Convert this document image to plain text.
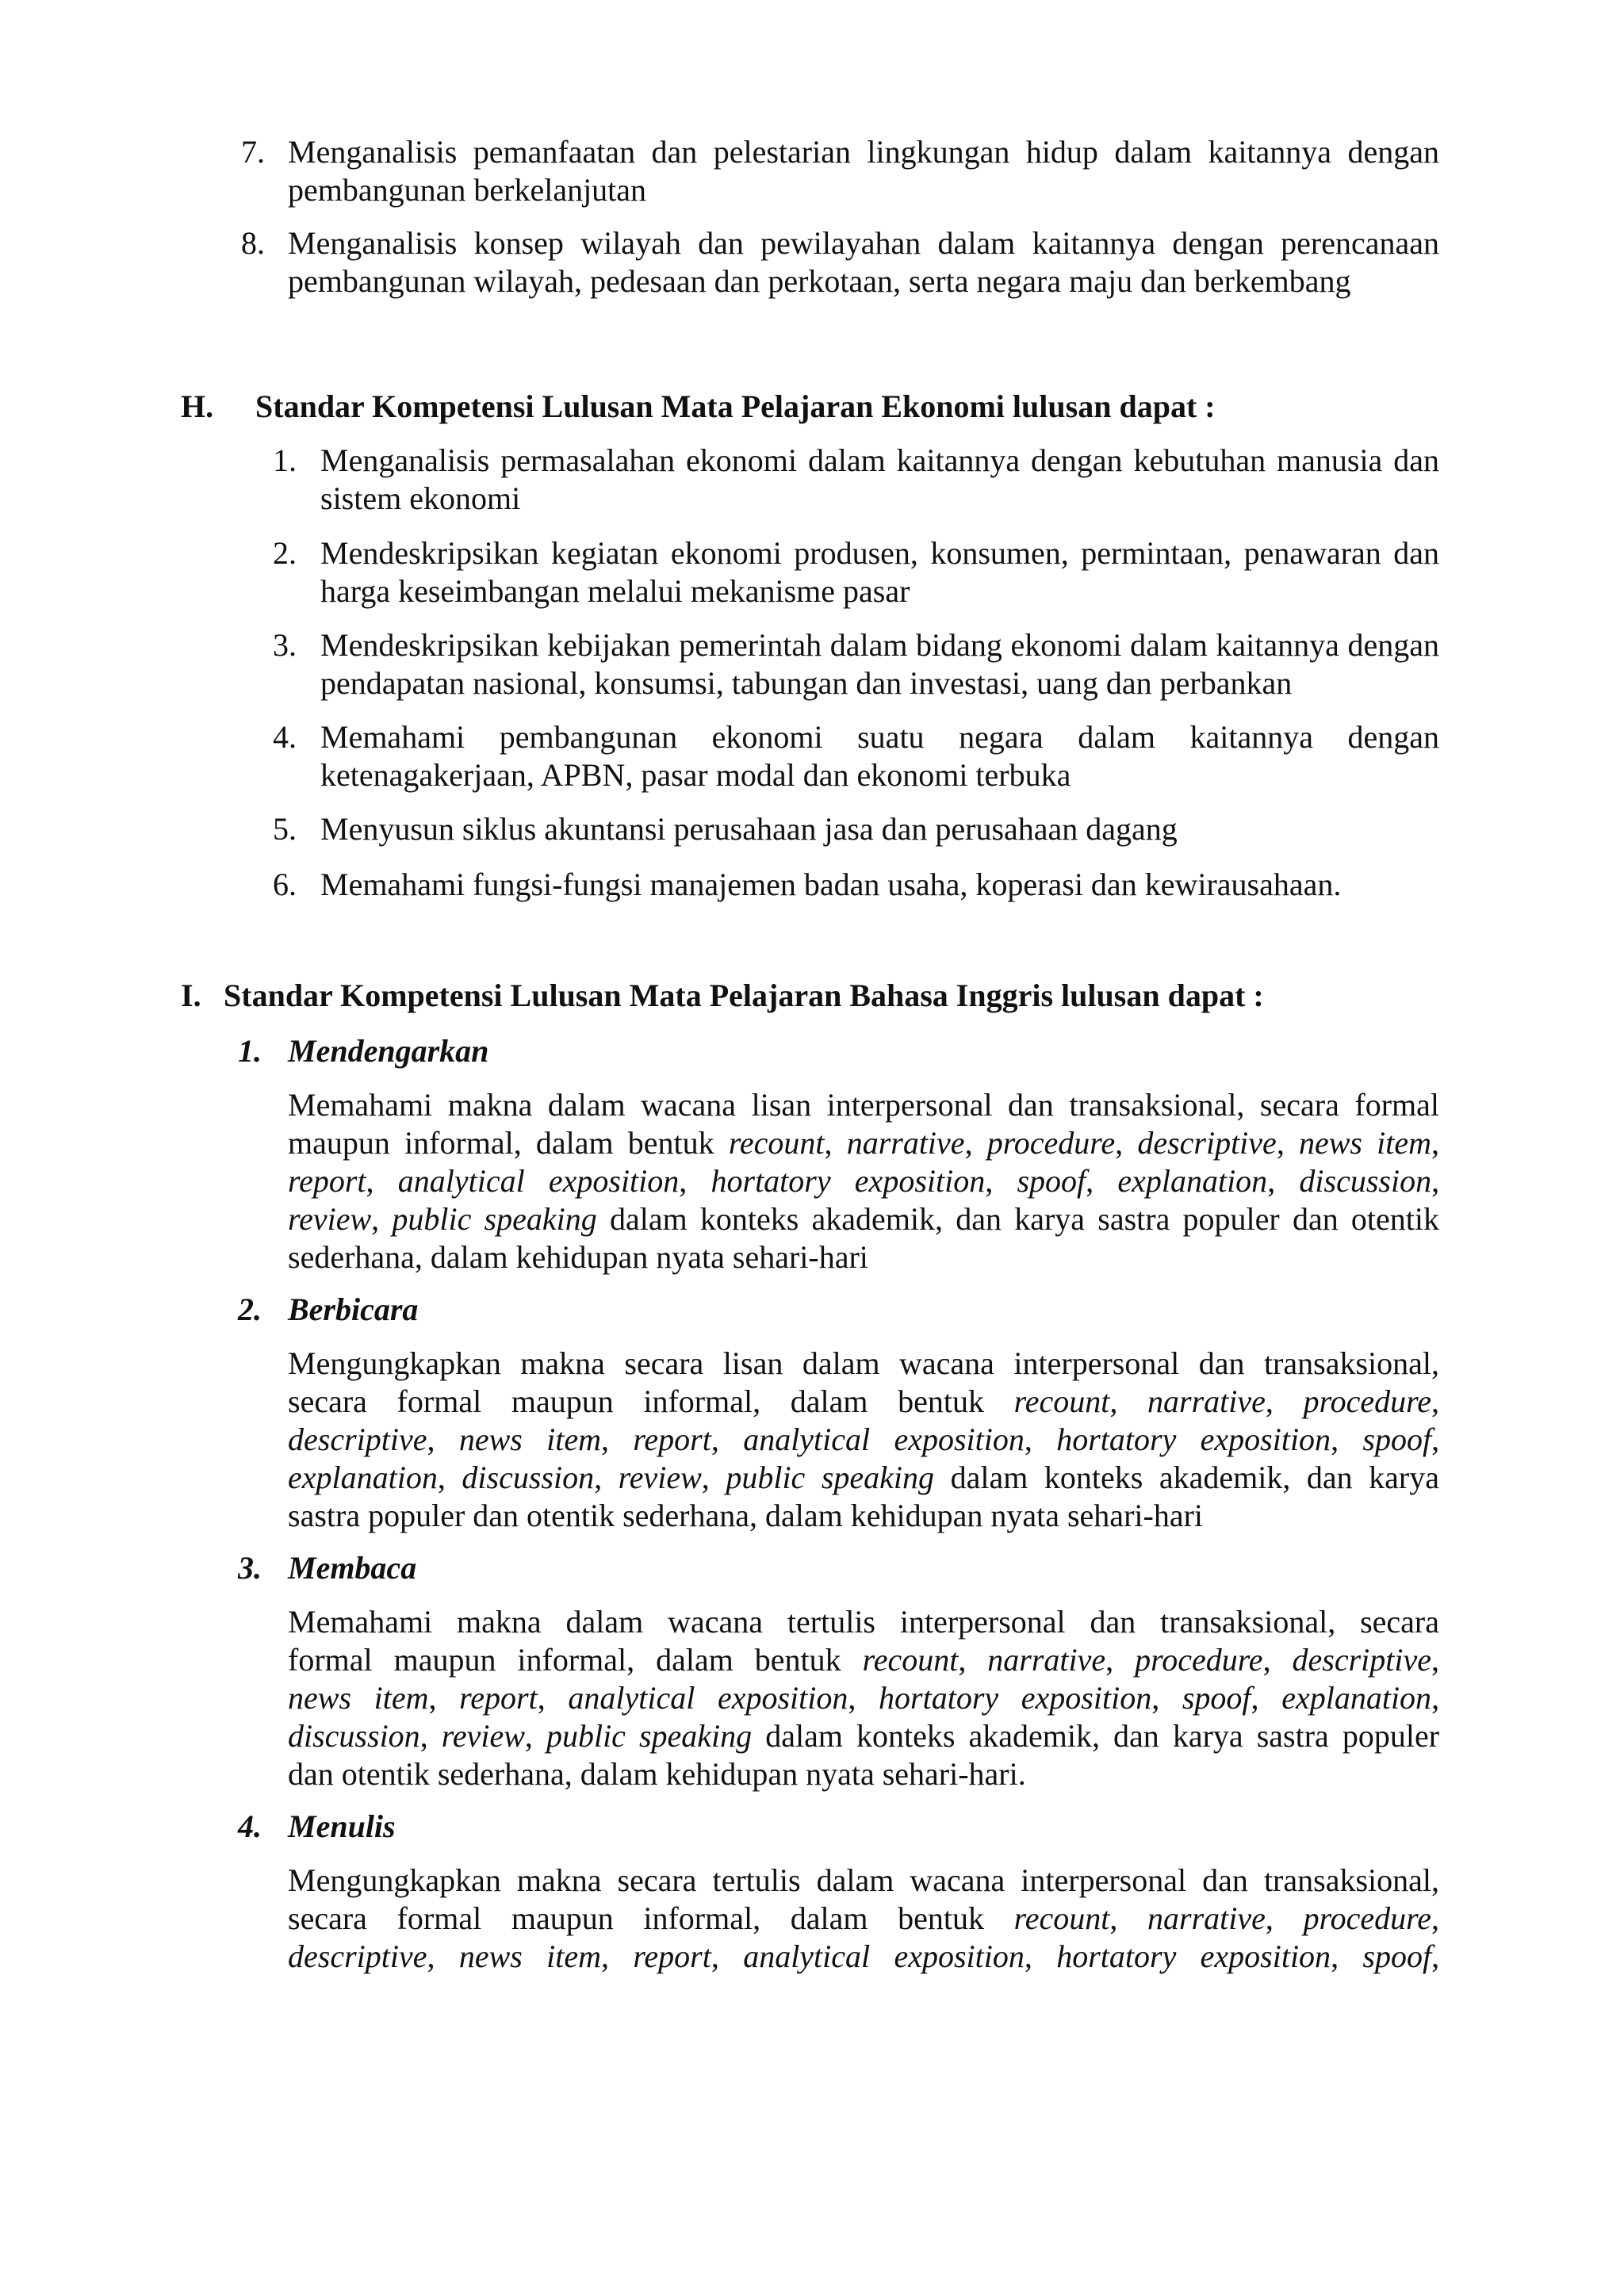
7. Menganalisis pemanfaatan dan pelestarian lingkungan hidup dalam kaitannya dengan pembangunan berkelanjutan
8. Menganalisis konsep wilayah dan pewilayahan dalam kaitannya dengan perencanaan pembangunan wilayah, pedesaan dan perkotaan, serta negara maju dan berkembang
H. Standar Kompetensi Lulusan Mata Pelajaran Ekonomi lulusan dapat :
1. Menganalisis permasalahan ekonomi dalam kaitannya dengan kebutuhan manusia dan sistem ekonomi
2. Mendeskripsikan kegiatan ekonomi produsen, konsumen, permintaan, penawaran dan harga keseimbangan melalui mekanisme pasar
3. Mendeskripsikan kebijakan pemerintah dalam bidang ekonomi dalam kaitannya dengan pendapatan nasional, konsumsi, tabungan dan investasi, uang dan perbankan
4. Memahami pembangunan ekonomi suatu negara dalam kaitannya dengan ketenagakerjaan, APBN, pasar modal dan ekonomi terbuka
5. Menyusun siklus akuntansi perusahaan jasa dan perusahaan dagang
6. Memahami fungsi-fungsi manajemen badan usaha, koperasi dan kewirausahaan.
I. Standar Kompetensi Lulusan Mata Pelajaran Bahasa Inggris lulusan dapat :
1. Mendengarkan
Memahami makna dalam wacana lisan interpersonal dan transaksional, secara formal
maupun informal, dalam bentuk recount, narrative, procedure, descriptive, news item,
report, analytical exposition, hortatory exposition, spoof, explanation, discussion,
review, public speaking dalam konteks akademik, dan karya sastra populer dan otentik
sederhana, dalam kehidupan nyata sehari-hari
2. Berbicara
Mengungkapkan makna secara lisan dalam wacana interpersonal dan transaksional,
secara formal maupun informal, dalam bentuk recount, narrative, procedure,
descriptive, news item, report, analytical exposition, hortatory exposition, spoof,
explanation, discussion, review, public speaking dalam konteks akademik, dan karya
sastra populer dan otentik sederhana, dalam kehidupan nyata sehari-hari
3. Membaca
Memahami makna dalam wacana tertulis interpersonal dan transaksional, secara
formal maupun informal, dalam bentuk recount, narrative, procedure, descriptive,
news item, report, analytical exposition, hortatory exposition, spoof, explanation,
discussion, review, public speaking dalam konteks akademik, dan karya sastra populer
dan otentik sederhana, dalam kehidupan nyata sehari-hari.
4. Menulis
Mengungkapkan makna secara tertulis dalam wacana interpersonal dan transaksional,
secara formal maupun informal, dalam bentuk recount, narrative, procedure,
descriptive, news item, report, analytical exposition, hortatory exposition, spoof,
